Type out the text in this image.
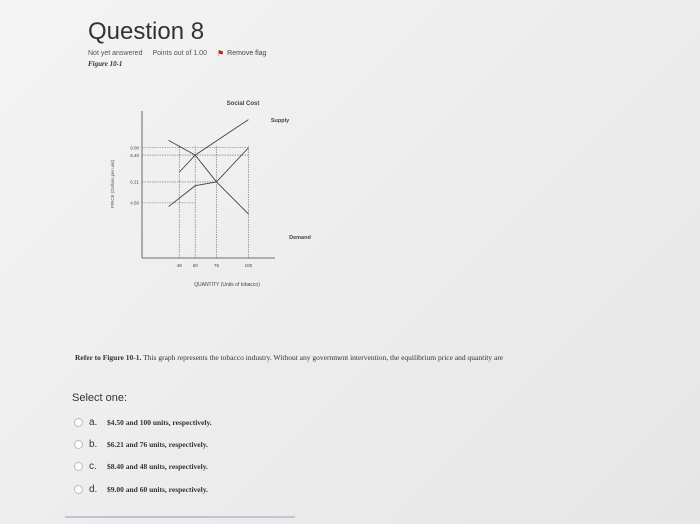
Question 8
Not yet answered Points out of 1.00 ⚑ Remove flag
Figure 10-1
Social Cost
4.50
6.21
8.40
9.00
48 60	76	100
PRICE (Dollars per unit)
QUANTITY (Units of tobacco)
Supply
Demand
Refer to Figure 10-1. This graph represents the tobacco industry. Without any government intervention, the equilibrium price and quantity are
Select one:
a.	$4.50 and 100 units, respectively.
b.	$6.21 and 76 units, respectively.
c.	$8.40 and 48 units, respectively.
d.	$9.00 and 60 units, respectively.
